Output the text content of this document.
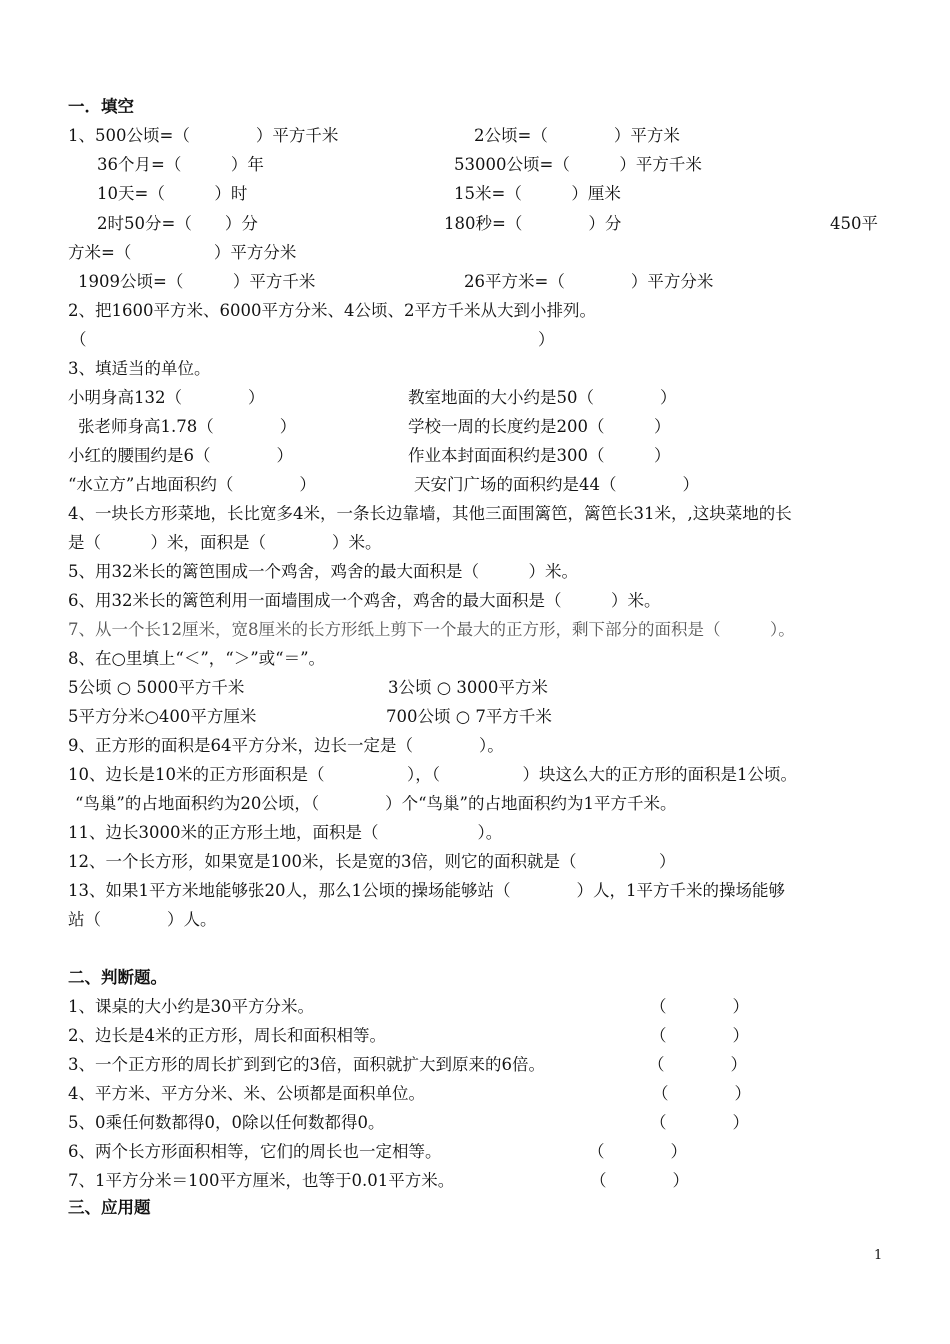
一．填空
1、500公顷=（　　　　）平方千米	2公顷=（　　　　）平方米
36个月=（　　　）年	53000公顷=（　　　）平方千米
10天=（　　　）时	15米=（　　　）厘米
2时50分=（　　）分	180秒=（　　　　）分	450平
方米=（　　　　　）平方分米
1909公顷=（　　　）平方千米	26平方米=（　　　　）平方分米
2、把1600平方米、6000平方分米、4公顷、2平方千米从大到小排列。
（	）
3、填适当的单位。
小明身高132（　　　　）	教室地面的大小约是50（　　　　）
张老师身高1.78（　　　　）	学校一周的长度约是200（　　　）
小红的腰围约是6（　　　　）	作业本封面面积约是300（　　　）
“水立方”占地面积约（　　　　）	天安门广场的面积约是44（　　　　）
4、一块长方形菜地，长比宽多4米，一条长边靠墙，其他三面围篱笆，篱笆长31米，,这块菜地的长
是（　　　）米，面积是（　　　　）米。
5、用32米长的篱笆围成一个鸡舍，鸡舍的最大面积是（　　　）米。
6、用32米长的篱笆利用一面墙围成一个鸡舍，鸡舍的最大面积是（　　　）米。
7、从一个长12厘米，宽8厘米的长方形纸上剪下一个最大的正方形，剩下部分的面积是（　　　）。
8、在○里填上“＜”，“＞”或“＝”。
5公顷 ○ 5000平方千米	3公顷 ○ 3000平方米
5平方分米○400平方厘米	700公顷 ○ 7平方千米
9、正方形的面积是64平方分米，边长一定是（　　　　）。
10、边长是10米的正方形面积是（　　　　　），（　　　　　）块这么大的正方形的面积是1公顷。
“鸟巢”的占地面积约为20公顷，（　　　　）个“鸟巢”的占地面积约为1平方千米。
11、边长3000米的正方形土地，面积是（　　　　　　）。
12、一个长方形，如果宽是100米，长是宽的3倍，则它的面积就是（　　　　　）
13、如果1平方米地能够张20人，那么1公顷的操场能够站（　　　　）人，1平方千米的操场能够
站（　　　　）人。
二、判断题。
1、课桌的大小约是30平方分米。	（　　　　）
2、边长是4米的正方形，周长和面积相等。	（　　　　）
3、一个正方形的周长扩到到它的3倍，面积就扩大到原来的6倍。	（　　　　）
4、平方米、平方分米、米、公顷都是面积单位。	（　　　　）
5、0乘任何数都得0，0除以任何数都得0。	（　　　　）
6、两个长方形面积相等，它们的周长也一定相等。	（　　　　）
7、1平方分米＝100平方厘米，也等于0.01平方米。	（　　　　）
三、应用题
1
